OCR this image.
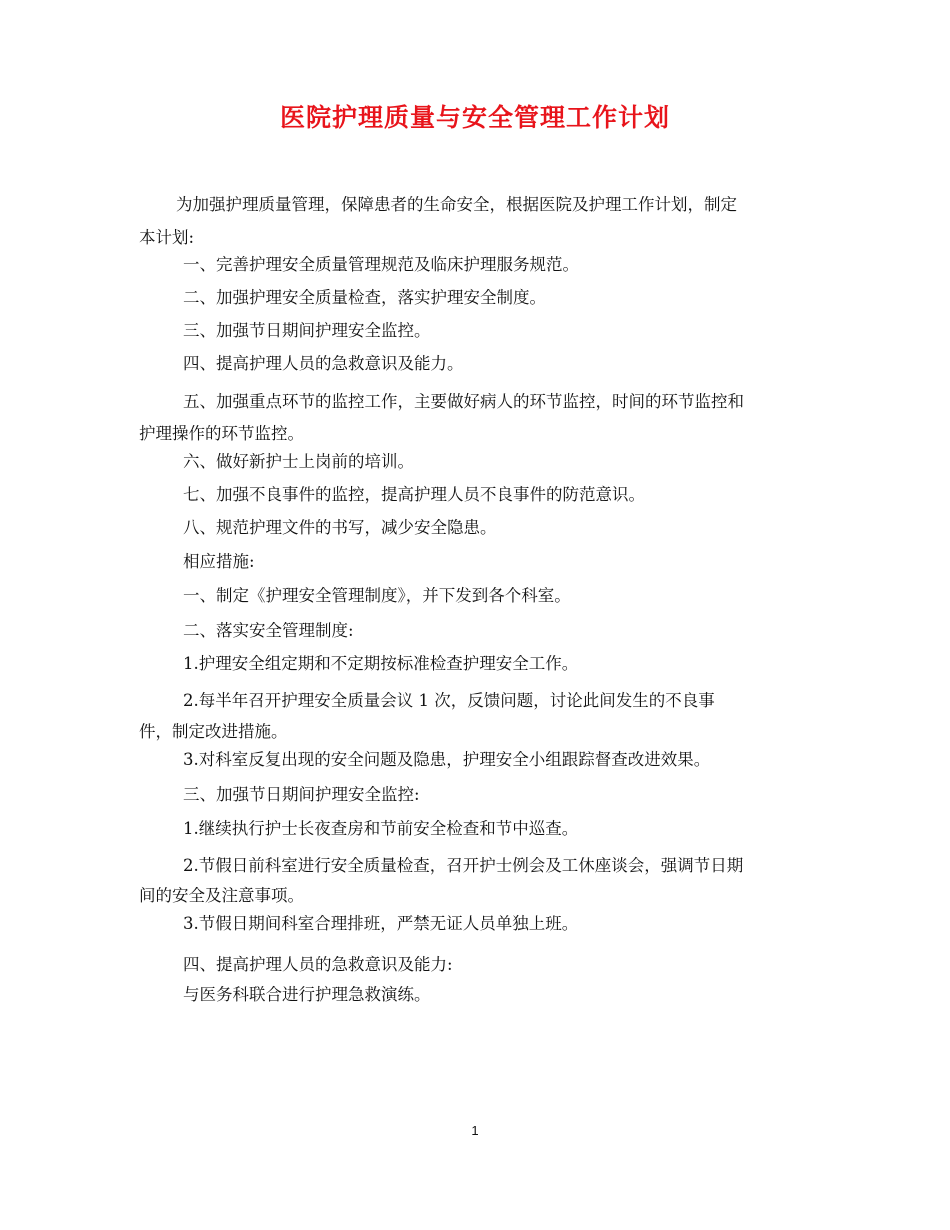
医院护理质量与安全管理工作计划
为加强护理质量管理，保障患者的生命安全，根据医院及护理工作计划，制定
本计划:
一、完善护理安全质量管理规范及临床护理服务规范。
二、加强护理安全质量检查，落实护理安全制度。
三、加强节日期间护理安全监控。
四、提高护理人员的急救意识及能力。
五、加强重点环节的监控工作，主要做好病人的环节监控，时间的环节监控和
护理操作的环节监控。
六、做好新护士上岗前的培训。
七、加强不良事件的监控，提高护理人员不良事件的防范意识。
八、规范护理文件的书写，减少安全隐患。
相应措施:
一、制定《护理安全管理制度》，并下发到各个科室。
二、落实安全管理制度:
1.护理安全组定期和不定期按标准检查护理安全工作。
2.每半年召开护理安全质量会议 1 次，反馈问题，讨论此间发生的不良事
件，制定改进措施。
3.对科室反复出现的安全问题及隐患，护理安全小组跟踪督查改进效果。
三、加强节日期间护理安全监控:
1.继续执行护士长夜查房和节前安全检查和节中巡查。
2.节假日前科室进行安全质量检查，召开护士例会及工休座谈会，强调节日期
间的安全及注意事项。
3.节假日期间科室合理排班，严禁无证人员单独上班。
四、提高护理人员的急救意识及能力:
与医务科联合进行护理急救演练。
1
